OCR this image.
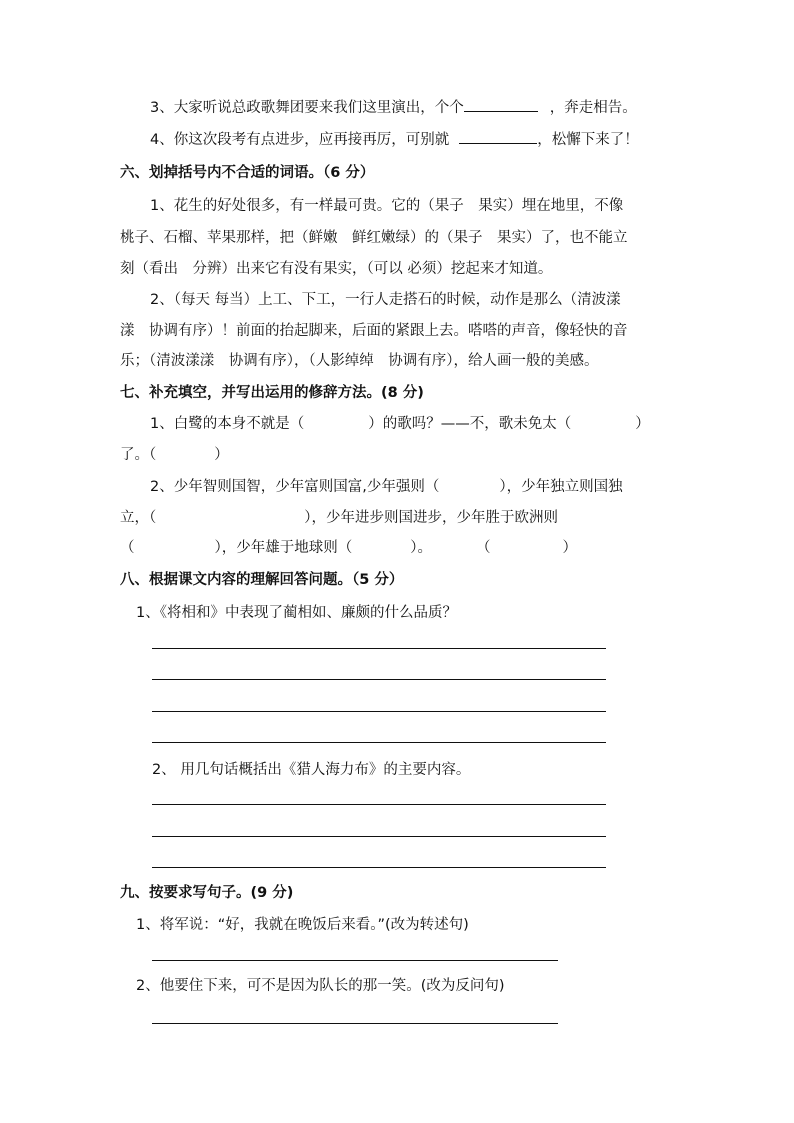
3、大家听说总政歌舞团要来我们这里演出，个个	，奔走相告。
4、你这次段考有点进步，应再接再厉，可别就	，松懈下来了！
六、划掉括号内不合适的词语。（6 分）
1、花生的好处很多，有一样最可贵。它的（果子　果实）埋在地里，不像
桃子、石榴、苹果那样，把（鲜嫩　鲜红嫩绿）的（果子　果实）了，也不能立
刻（看出　分辨）出来它有没有果实，（可以 必须）挖起来才知道。
2、（每天 每当）上工、下工，一行人走搭石的时候，动作是那么（清波漾
漾　协调有序）！前面的抬起脚来，后面的紧跟上去。嗒嗒的声音，像轻快的音
乐；（清波漾漾　协调有序），（人影绰绰　协调有序），给人画一般的美感。
七、补充填空，并写出运用的修辞方法。(8 分)
1、白鹭的本身不就是（	）的歌吗？——不，歌未免太（	）
了。（	）
2、少年智则国智，少年富则国富,少年强则（	），少年独立则国独
立，（	），少年进步则国进步，少年胜于欧洲则
（	），少年雄于地球则（	）。	（	）
八、根据课文内容的理解回答问题。（5 分）
1、《将相和》中表现了蔺相如、廉颇的什么品质？
2、 用几句话概括出《猎人海力布》的主要内容。
九、按要求写句子。(9 分)
1、将军说：“好，我就在晚饭后来看。”(改为转述句)
2、他要住下来，可不是因为队长的那一笑。(改为反问句)
